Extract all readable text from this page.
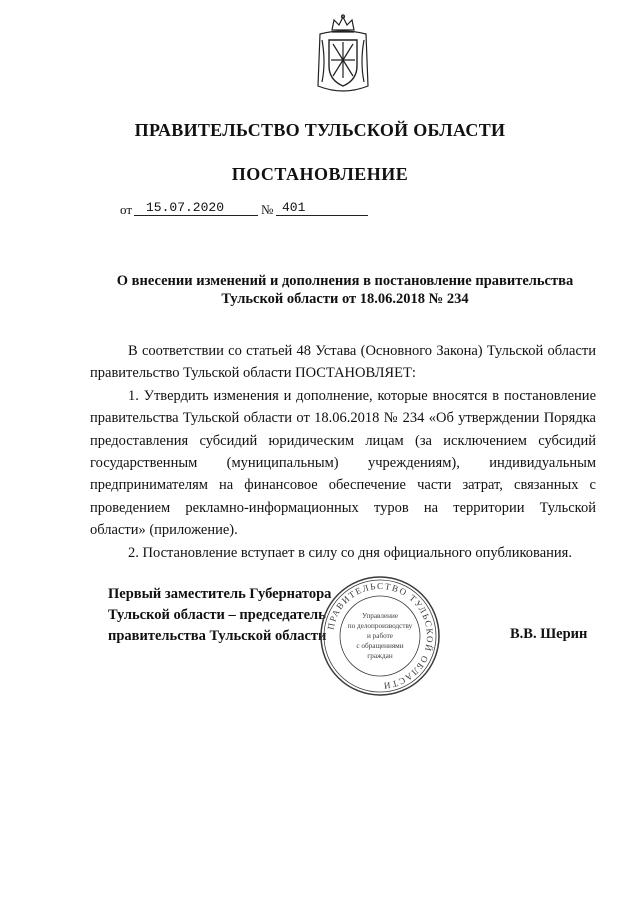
ПРАВИТЕЛЬСТВО ТУЛЬСКОЙ ОБЛАСТИ
ПОСТАНОВЛЕНИЕ
от 15.07.2020	№ 401
О внесении изменений и дополнения в постановление правительства
Тульской области от 18.06.2018 № 234

В соответствии со статьей 48 Устава (Основного Закона) Тульской области правительство Тульской области ПОСТАНОВЛЯЕТ:

1. Утвердить изменения и дополнение, которые вносятся в постановление правительства Тульской области от 18.06.2018 № 234 «Об утверждении Порядка предоставления субсидий юридическим лицам (за исключением субсидий государственным (муниципальным) учреждениям), индивидуальным предпринимателям на финансовое обеспечение части затрат, связанных с проведением рекламно-информационных туров на территории Тульской области» (приложение).

2. Постановление вступает в силу со дня официального опубликования.

Первый заместитель Губернатора
Тульской области – председатель
правительства Тульской области	В.В. Шерин
ПРАВИТЕЛЬСТВО ТУЛЬСКОЙ ОБЛАСТИ
Управление
по делопроизводству
и работе
с обращениями
граждан
